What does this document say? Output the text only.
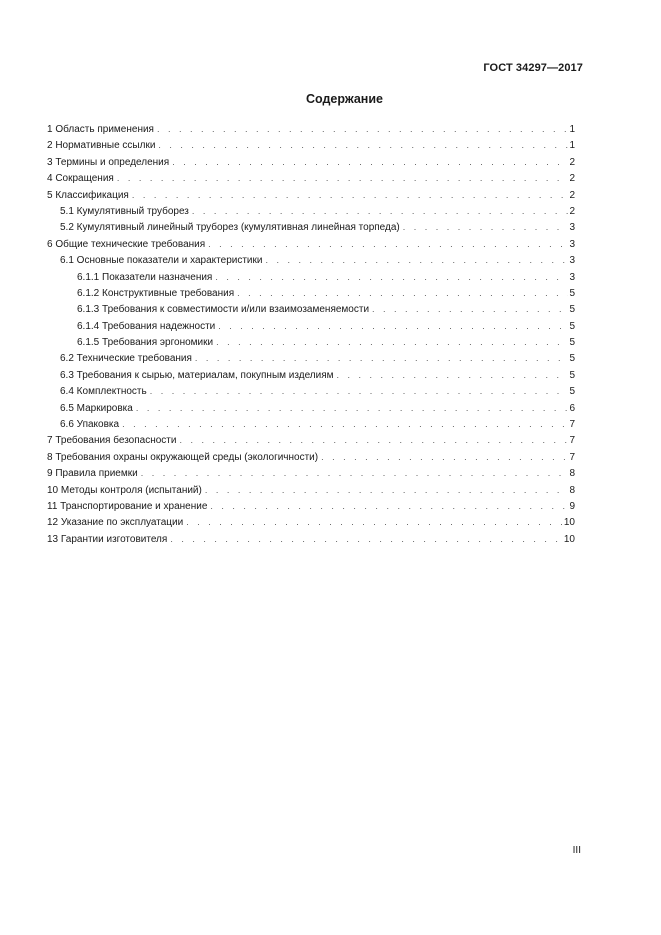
ГОСТ 34297—2017
Содержание
1 Область применения . . .	1
2 Нормативные ссылки . . .	1
3 Термины и определения . . .	2
4 Сокращения . . .	2
5 Классификация . . .	2
5.1 Кумулятивный труборез . . .	2
5.2 Кумулятивный линейный труборез (кумулятивная линейная торпеда) . . .	3
6 Общие технические требования . . .	3
6.1 Основные показатели и характеристики . . .	3
6.1.1 Показатели назначения . . .	3
6.1.2 Конструктивные требования . . .	5
6.1.3 Требования к совместимости и/или взаимозаменяемости . . .	5
6.1.4 Требования надежности . . .	5
6.1.5 Требования эргономики . . .	5
6.2 Технические требования . . .	5
6.3 Требования к сырью, материалам, покупным изделиям . . .	5
6.4 Комплектность . . .	5
6.5 Маркировка . . .	6
6.6 Упаковка . . .	7
7 Требования безопасности . . .	7
8 Требования охраны окружающей среды (экологичности) . . .	7
9 Правила приемки . . .	8
10 Методы контроля (испытаний) . . .	8
11 Транспортирование и хранение . . .	9
12 Указание по эксплуатации . . .	10
13 Гарантии изготовителя . . .	10
III
